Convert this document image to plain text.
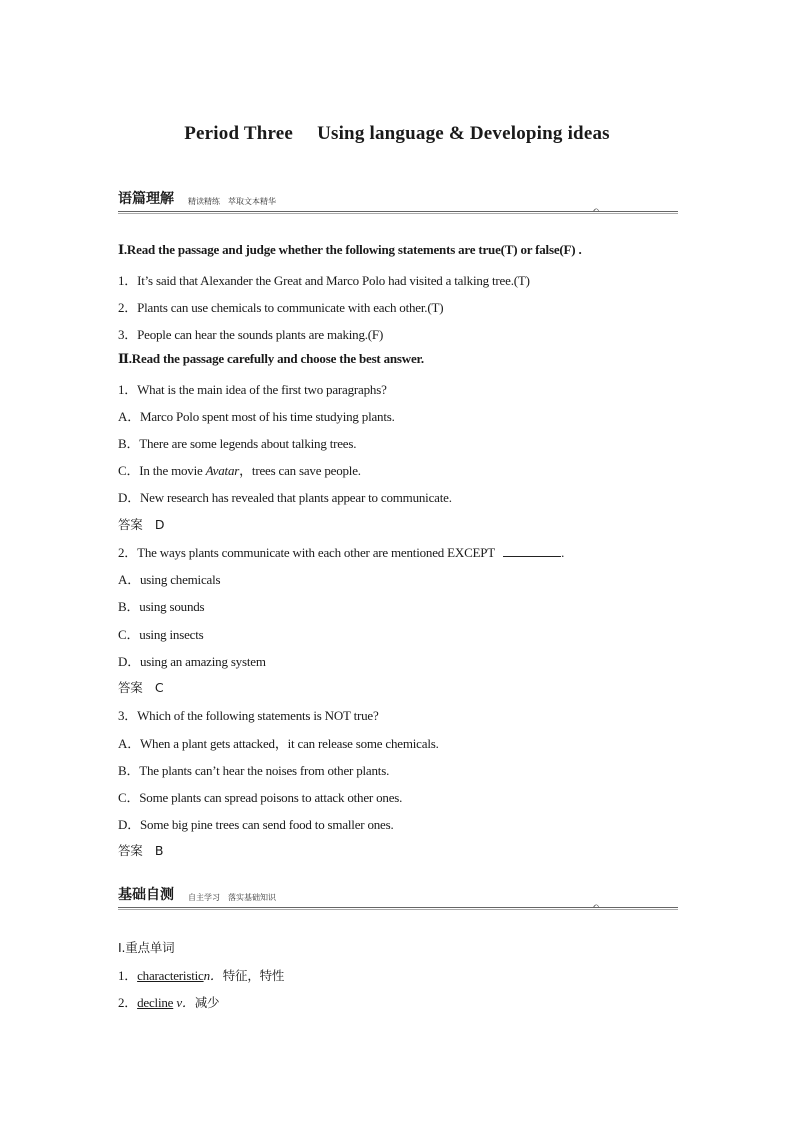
Period Three Using language & Developing ideas
语篇理解 精读精练　萃取文本精华
ᨈ
Ⅰ.Read the passage and judge whether the following statements are true(T) or false(F) .
1．It’s said that Alexander the Great and Marco Polo had visited a talking tree.(T)
2．Plants can use chemicals to communicate with each other.(T)
3．People can hear the sounds plants are making.(F)
Ⅱ.Read the passage carefully and choose the best answer.
1．What is the main idea of the first two paragraphs?
A．Marco Polo spent most of his time studying plants.
B．There are some legends about talking trees.
C．In the movie Avatar，trees can save people.
D．New research has revealed that plants appear to communicate.
答案　D
2．The ways plants communicate with each other are mentioned EXCEPT	.
A．using chemicals
B．using sounds
C．using insects
D．using an amazing system
答案　C
3．Which of the following statements is NOT true?
A．When a plant gets attacked，it can release some chemicals.
B．The plants can’t hear the noises from other plants.
C．Some plants can spread poisons to attack other ones.
D．Some big pine trees can send food to smaller ones.
答案　B
基础自测 自主学习　落实基础知识
ᨈ
Ⅰ.重点单词
1．characteristicn．特征，特性
2．decline v．减少
